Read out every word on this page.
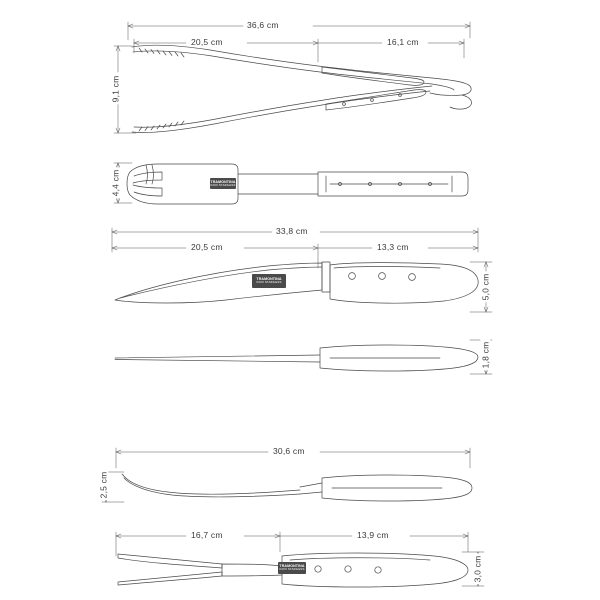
TRAMONTINA
INOX STAINLESS
TRAMONTINA
INOX STAINLESS
TRAMONTINA
INOX STAINLESS
36,6 cm
20,5 cm	16,1 cm
9,1 cm
4,4 cm
33,8 cm
20,5 cm	13,3 cm
5,0 cm
1,8 cm
30,6 cm
2,5 cm
16,7 cm	13,9 cm
3,0 cm
